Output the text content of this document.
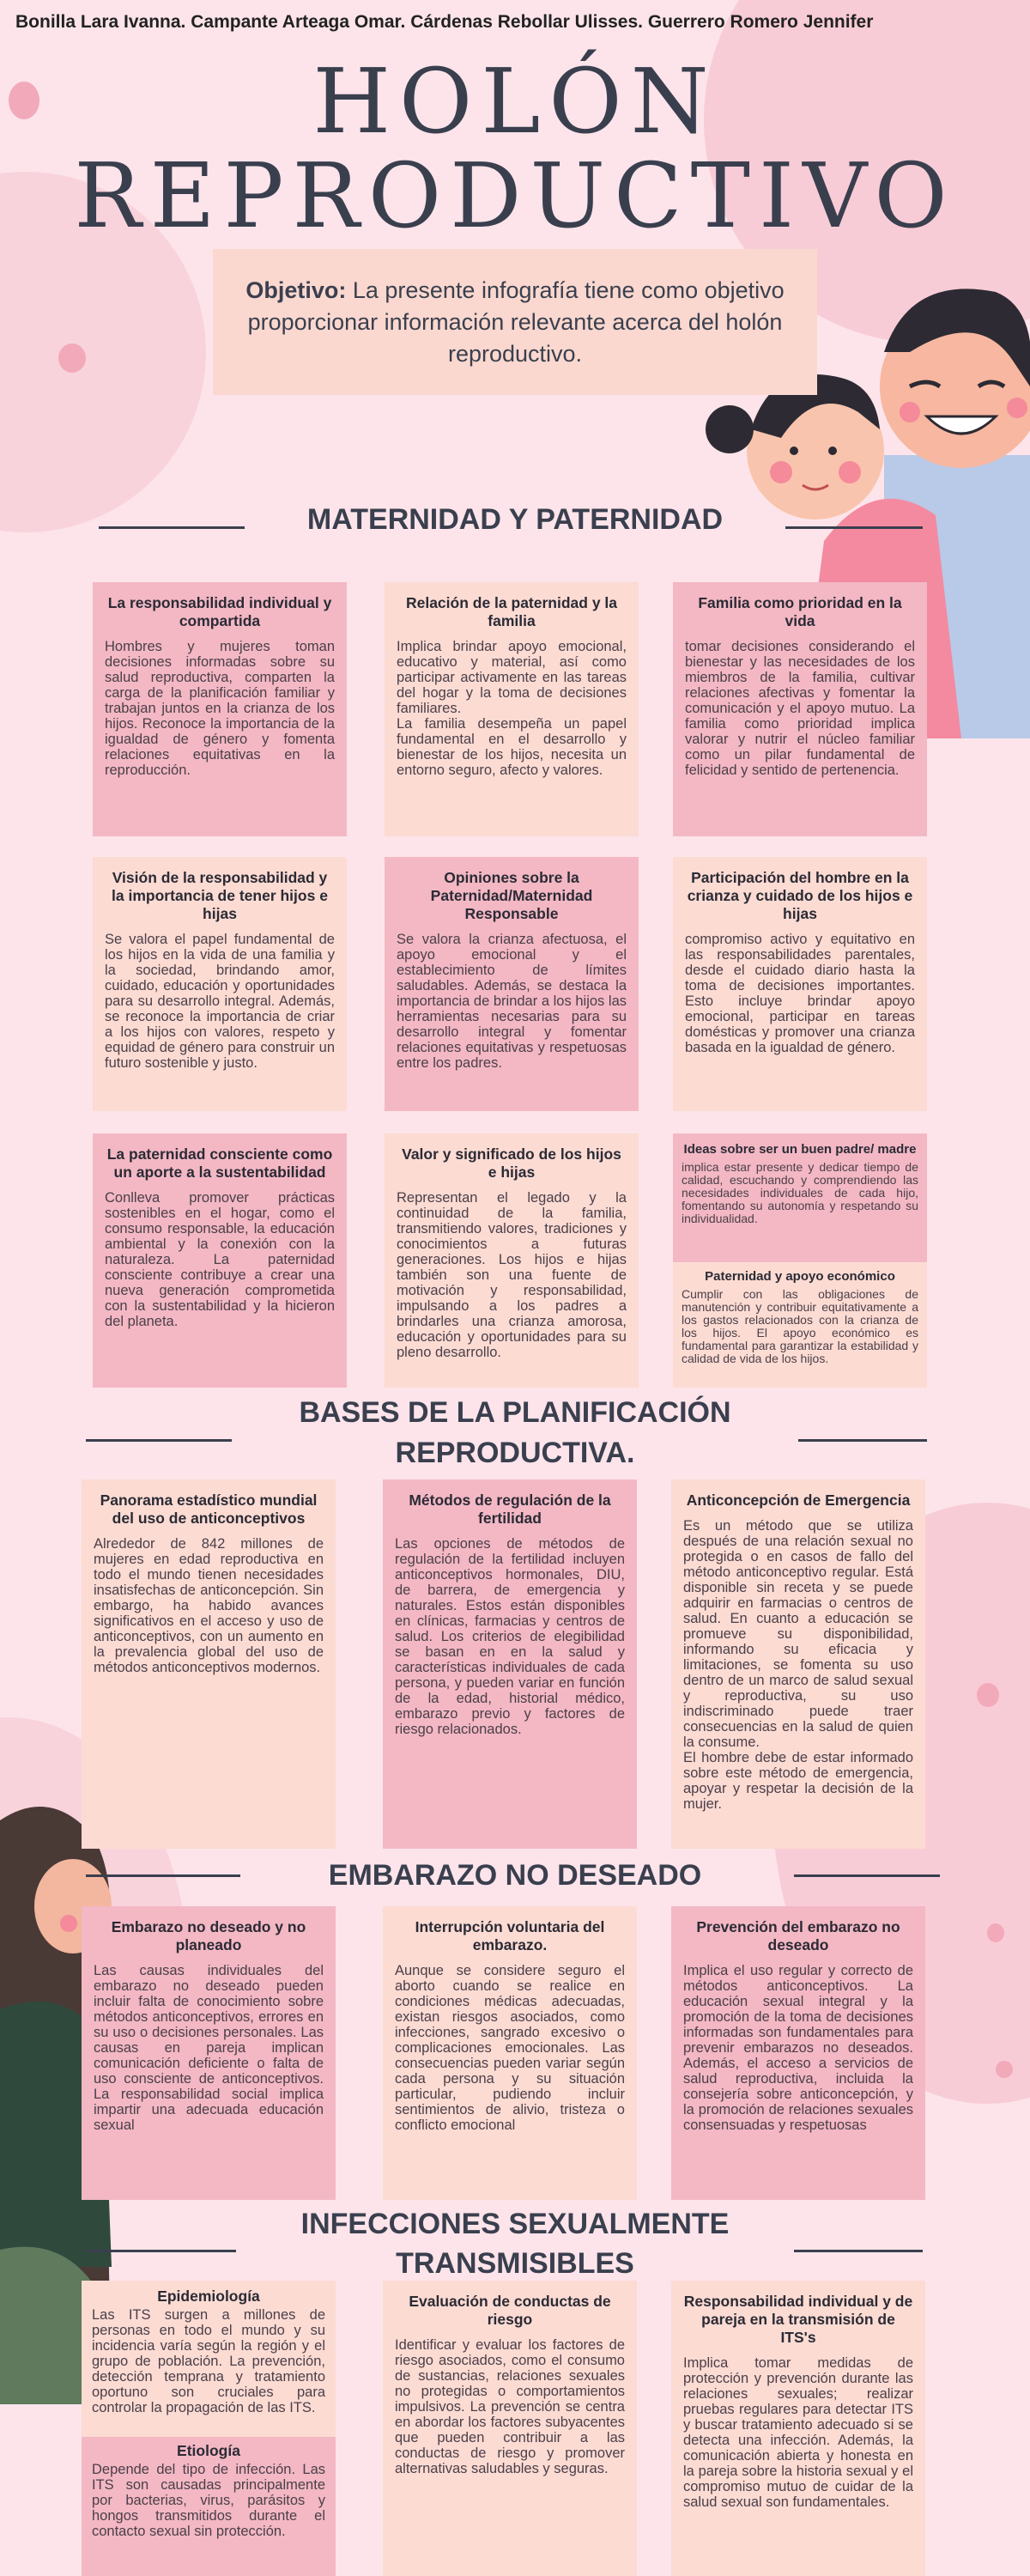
Bonilla Lara Ivanna. Campante Arteaga Omar. Cárdenas Rebollar Ulisses. Guerrero Romero Jennifer
HOLÓN
REPRODUCTIVO
Objetivo: La presente infografía tiene como objetivo proporcionar información relevante acerca del holón reproductivo.
MATERNIDAD Y PATERNIDAD
La responsabilidad individual y compartida

Hombres y mujeres toman decisiones informadas sobre su salud reproductiva, comparten la carga de la planificación familiar y trabajan juntos en la crianza de los hijos. Reconoce la importancia de la igualdad de género y fomenta relaciones equitativas en la reproducción.

Relación de la paternidad y la familia

Implica brindar apoyo emocional, educativo y material, así como participar activamente en las tareas del hogar y la toma de decisiones familiares.
La familia desempeña un papel fundamental en el desarrollo y bienestar de los hijos, necesita un entorno seguro, afecto y valores.

Familia como prioridad en la vida

tomar decisiones considerando el bienestar y las necesidades de los miembros de la familia, cultivar relaciones afectivas y fomentar la comunicación y el apoyo mutuo. La familia como prioridad implica valorar y nutrir el núcleo familiar como un pilar fundamental de felicidad y sentido de pertenencia.

Visión de la responsabilidad y la importancia de tener hijos e hijas

Se valora el papel fundamental de los hijos en la vida de una familia y la sociedad, brindando amor, cuidado, educación y oportunidades para su desarrollo integral. Además, se reconoce la importancia de criar a los hijos con valores, respeto y equidad de género para construir un futuro sostenible y justo.

Opiniones sobre la Paternidad/Maternidad Responsable

Se valora la crianza afectuosa, el apoyo emocional y el establecimiento de límites saludables. Además, se destaca la importancia de brindar a los hijos las herramientas necesarias para su desarrollo integral y fomentar relaciones equitativas y respetuosas entre los padres.

Participación del hombre en la crianza y cuidado de los hijos e hijas

compromiso activo y equitativo en las responsabilidades parentales, desde el cuidado diario hasta la toma de decisiones importantes. Esto incluye brindar apoyo emocional, participar en tareas domésticas y promover una crianza basada en la igualdad de género.

La paternidad consciente como un aporte a la sustentabilidad

Conlleva promover prácticas sostenibles en el hogar, como el consumo responsable, la educación ambiental y la conexión con la naturaleza. La paternidad consciente contribuye a crear una nueva generación comprometida con la sustentabilidad y la hicieron del planeta.

Valor y significado de los hijos e hijas

Representan el legado y la continuidad de la familia, transmitiendo valores, tradiciones y conocimientos a futuras generaciones. Los hijos e hijas también son una fuente de motivación y responsabilidad, impulsando a los padres a brindarles una crianza amorosa, educación y oportunidades para su pleno desarrollo.

Ideas sobre ser un buen padre/ madre

implica estar presente y dedicar tiempo de calidad, escuchando y comprendiendo las necesidades individuales de cada hijo, fomentando su autonomía y respetando su individualidad.

Paternidad y apoyo económico

Cumplir con las obligaciones de manutención y contribuir equitativamente a los gastos relacionados con la crianza de los hijos. El apoyo económico es fundamental para garantizar la estabilidad y calidad de vida de los hijos.

BASES DE LA PLANIFICACIÓN
REPRODUCTIVA.
Panorama estadístico mundial del uso de anticonceptivos

Alrededor de 842 millones de mujeres en edad reproductiva en todo el mundo tienen necesidades insatisfechas de anticoncepción. Sin embargo, ha habido avances significativos en el acceso y uso de anticonceptivos, con un aumento en la prevalencia global del uso de métodos anticonceptivos modernos.

Métodos de regulación de la fertilidad

Las opciones de métodos de regulación de la fertilidad incluyen anticonceptivos hormonales, DIU, de barrera, de emergencia y naturales. Estos están disponibles en clínicas, farmacias y centros de salud. Los criterios de elegibilidad se basan en en la salud y características individuales de cada persona, y pueden variar en función de la edad, historial médico, embarazo previo y factores de riesgo relacionados.

Anticoncepción de Emergencia

Es un método que se utiliza después de una relación sexual no protegida o en casos de fallo del método anticonceptivo regular. Está disponible sin receta y se puede adquirir en farmacias o centros de salud. En cuanto a educación se promueve su disponibilidad, informando su eficacia y limitaciones, se fomenta su uso dentro de un marco de salud sexual y reproductiva, su uso indiscriminado puede traer consecuencias en la salud de quien la consume.
El hombre debe de estar informado sobre este método de emergencia, apoyar y respetar la decisión de la mujer.

EMBARAZO NO DESEADO
Embarazo no deseado y no planeado

Las causas individuales del embarazo no deseado pueden incluir falta de conocimiento sobre métodos anticonceptivos, errores en su uso o decisiones personales. Las causas en pareja implican comunicación deficiente o falta de uso consciente de anticonceptivos. La responsabilidad social implica impartir una adecuada educación sexual

Interrupción voluntaria del embarazo.

Aunque se considere seguro el aborto cuando se realice en condiciones médicas adecuadas, existan riesgos asociados, como infecciones, sangrado excesivo o complicaciones emocionales. Las consecuencias pueden variar según cada persona y su situación particular, pudiendo incluir sentimientos de alivio, tristeza o conflicto emocional

Prevención del embarazo no deseado

Implica el uso regular y correcto de métodos anticonceptivos. La educación sexual integral y la promoción de la toma de decisiones informadas son fundamentales para prevenir embarazos no deseados. Además, el acceso a servicios de salud reproductiva, incluida la consejería sobre anticoncepción, y la promoción de relaciones sexuales consensuadas y respetuosas

INFECCIONES SEXUALMENTE
TRANSMISIBLES
Epidemiología

Las ITS surgen a millones de personas en todo el mundo y su incidencia varía según la región y el grupo de población. La prevención, detección temprana y tratamiento oportuno son cruciales para controlar la propagación de las ITS.

Etiología

Depende del tipo de infección. Las ITS son causadas principalmente por bacterias, virus, parásitos y hongos transmitidos durante el contacto sexual sin protección.

Evaluación de conductas de riesgo

Identificar y evaluar los factores de riesgo asociados, como el consumo de sustancias, relaciones sexuales no protegidas o comportamientos impulsivos. La prevención se centra en abordar los factores subyacentes que pueden contribuir a las conductas de riesgo y promover alternativas saludables y seguras.

Responsabilidad individual y de pareja en la transmisión de ITS's

Implica tomar medidas de protección y prevención durante las relaciones sexuales; realizar pruebas regulares para detectar ITS y buscar tratamiento adecuado si se detecta una infección. Además, la comunicación abierta y honesta en la pareja sobre la historia sexual y el compromiso mutuo de cuidar de la salud sexual son fundamentales.
